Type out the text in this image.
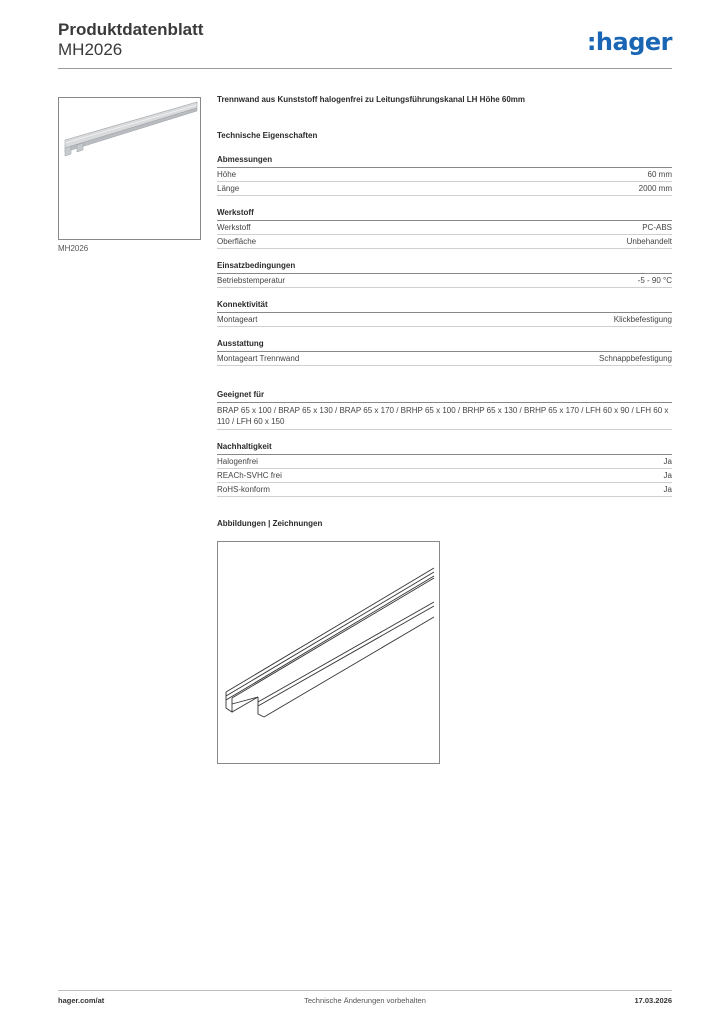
Produktdatenblatt
MH2026	:hager
MH2026
Trennwand aus Kunststoff halogenfrei zu Leitungsführungskanal LH Höhe 60mm
Technische Eigenschaften
Abmessungen
Höhe	60 mm
Länge	2000 mm
Werkstoff
Werkstoff	PC-ABS
Oberfläche	Unbehandelt
Einsatzbedingungen
Betriebstemperatur	-5 - 90 °C
Konnektivität
Montageart	Klickbefestigung
Ausstattung
Montageart Trennwand	Schnappbefestigung
Geeignet für
BRAP 65 x 100 / BRAP 65 x 130 / BRAP 65 x 170 / BRHP 65 x 100 / BRHP 65 x 130 / BRHP 65 x 170 / LFH 60 x 90 / LFH 60 x 110 / LFH 60 x 150
Nachhaltigkeit
Halogenfrei	Ja
REACh-SVHC frei	Ja
RoHS-konform	Ja
Abbildungen | Zeichnungen
hager.com/at	Technische Änderungen vorbehalten	17.03.2026
